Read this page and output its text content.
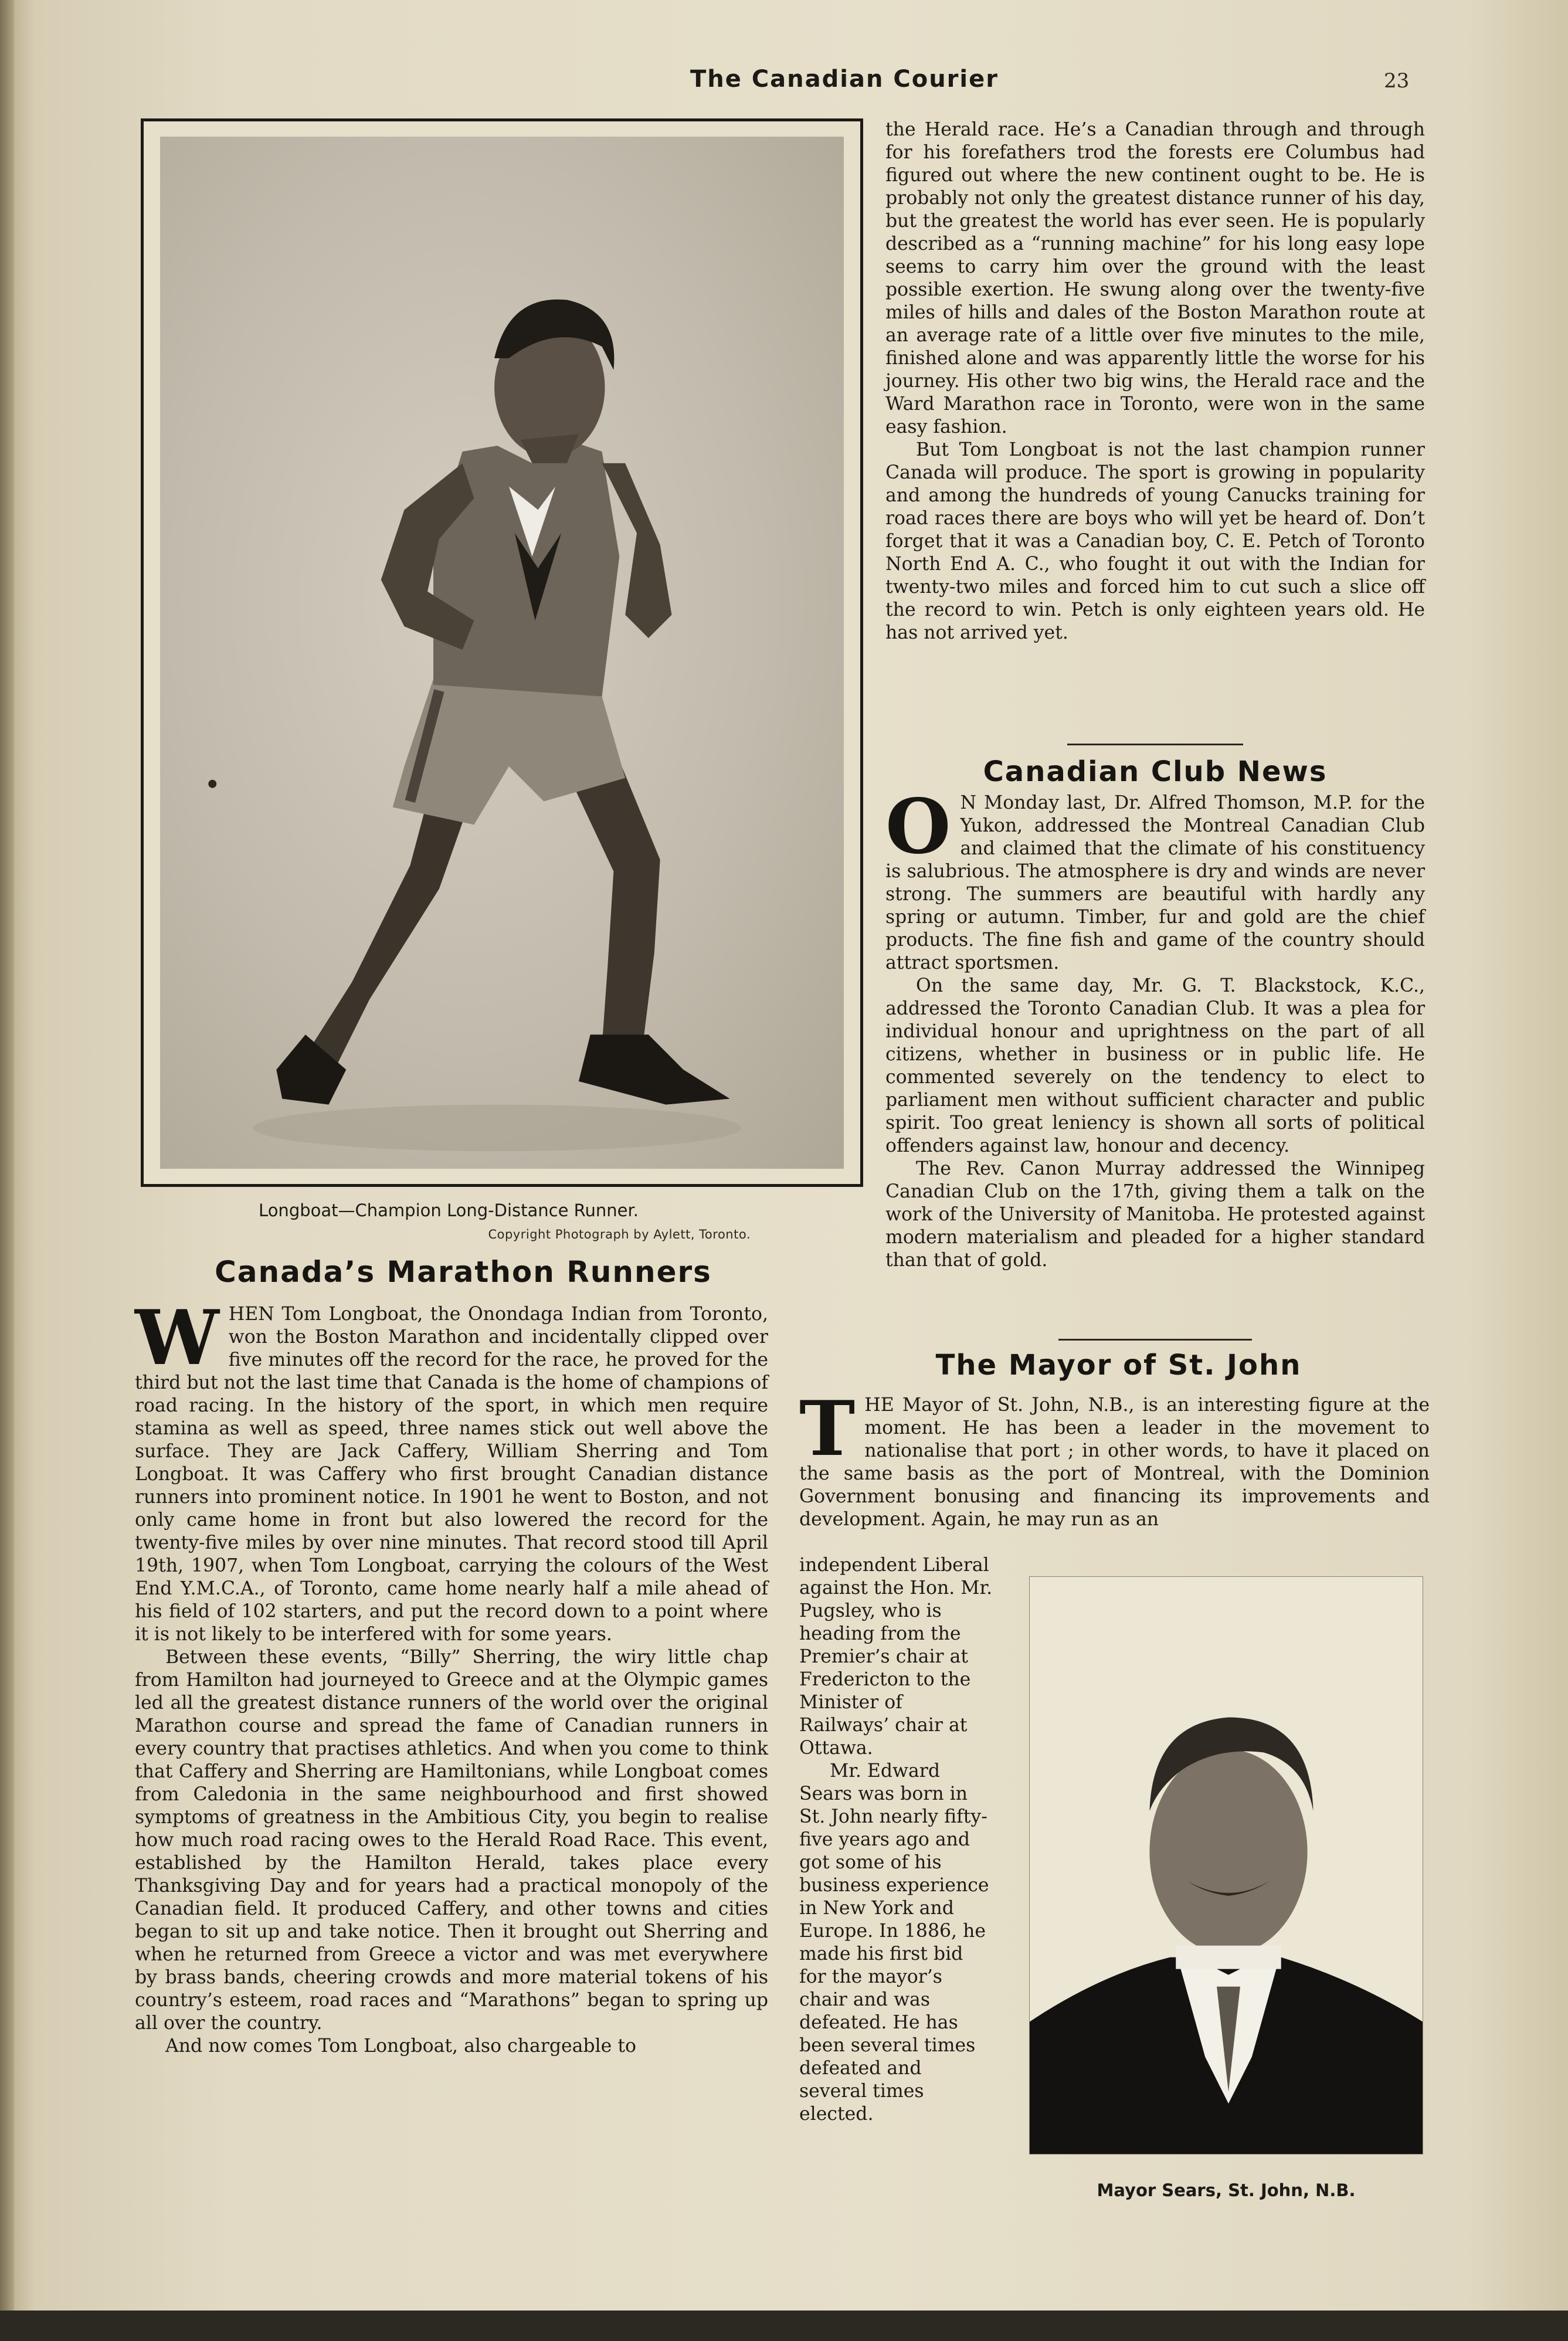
The Canadian Courier	23
Longboat—Champion Long-Distance Runner.
Copyright Photograph by Aylett, Toronto.
Canada’s Marathon Runners

WHEN Tom Longboat, the Onondaga Indian from Toronto, won the Boston Marathon and incidentally clipped over five minutes off the record for the race, he proved for the third but not the last time that Canada is the home of champions of road racing. In the history of the sport, in which men require stamina as well as speed, three names stick out well above the surface. They are Jack Caffery, William Sherring and Tom Longboat. It was Caffery who first brought Canadian distance runners into prominent notice. In 1901 he went to Boston, and not only came home in front but also lowered the record for the twenty-five miles by over nine minutes. That record stood till April 19th, 1907, when Tom Longboat, carrying the colours of the West End Y.M.C.A., of Toronto, came home nearly half a mile ahead of his field of 102 starters, and put the record down to a point where it is not likely to be interfered with for some years.

Between these events, “Billy” Sherring, the wiry little chap from Hamilton had journeyed to Greece and at the Olympic games led all the greatest distance runners of the world over the original Marathon course and spread the fame of Canadian runners in every country that practises athletics. And when you come to think that Caffery and Sherring are Hamiltonians, while Longboat comes from Caledonia in the same neighbourhood and first showed symptoms of greatness in the Ambitious City, you begin to realise how much road racing owes to the Herald Road Race. This event, established by the Hamilton Herald, takes place every Thanksgiving Day and for years had a practical monopoly of the Canadian field. It produced Caffery, and other towns and cities began to sit up and take notice. Then it brought out Sherring and when he returned from Greece a victor and was met everywhere by brass bands, cheering crowds and more material tokens of his country’s esteem, road races and “Marathons” began to spring up all over the country.

And now comes Tom Longboat, also chargeable to

the Herald race. He’s a Canadian through and through for his forefathers trod the forests ere Columbus had figured out where the new continent ought to be. He is probably not only the greatest distance runner of his day, but the greatest the world has ever seen. He is popularly described as a “running machine” for his long easy lope seems to carry him over the ground with the least possible exertion. He swung along over the twenty-five miles of hills and dales of the Boston Marathon route at an average rate of a little over five minutes to the mile, finished alone and was apparently little the worse for his journey. His other two big wins, the Herald race and the Ward Marathon race in Toronto, were won in the same easy fashion.

But Tom Longboat is not the last champion runner Canada will produce. The sport is growing in popularity and among the hundreds of young Canucks training for road races there are boys who will yet be heard of. Don’t forget that it was a Canadian boy, C. E. Petch of Toronto North End A. C., who fought it out with the Indian for twenty-two miles and forced him to cut such a slice off the record to win. Petch is only eighteen years old. He has not arrived yet.

Canadian Club News

O N Monday last, Dr. Alfred Thomson, M.P. for the Yukon, addressed the Montreal Canadian Club and claimed that the climate of his constituency is salubrious. The atmosphere is dry and winds are never strong. The summers are beautiful with hardly any spring or autumn. Timber, fur and gold are the chief products. The fine fish and game of the country should attract sportsmen.

On the same day, Mr. G. T. Blackstock, K.C., addressed the Toronto Canadian Club. It was a plea for individual honour and uprightness on the part of all citizens, whether in business or in public life. He commented severely on the tendency to elect to parliament men without sufficient character and public spirit. Too great leniency is shown all sorts of political offenders against law, honour and decency.

The Rev. Canon Murray addressed the Winnipeg Canadian Club on the 17th, giving them a talk on the work of the University of Manitoba. He protested against modern materialism and pleaded for a higher standard than that of gold.

The Mayor of St. John

THE Mayor of St. John, N.B., is an interesting figure at the moment. He has been a leader in the movement to nationalise that port ; in other words, to have it placed on the same basis as the port of Montreal, with the Dominion Government bonusing and financing its improvements and development. Again, he may run as an

independent Liberal against the Hon. Mr. Pugsley, who is heading from the Premier’s chair at Fredericton to the Minister of Railways’ chair at Ottawa.

Mr. Edward Sears was born in St. John nearly fifty-five years ago and got some of his business experience in New York and Europe. In 1886, he made his first bid for the mayor’s chair and was defeated. He has been several times defeated and several times elected.

Mayor Sears, St. John, N.B.
